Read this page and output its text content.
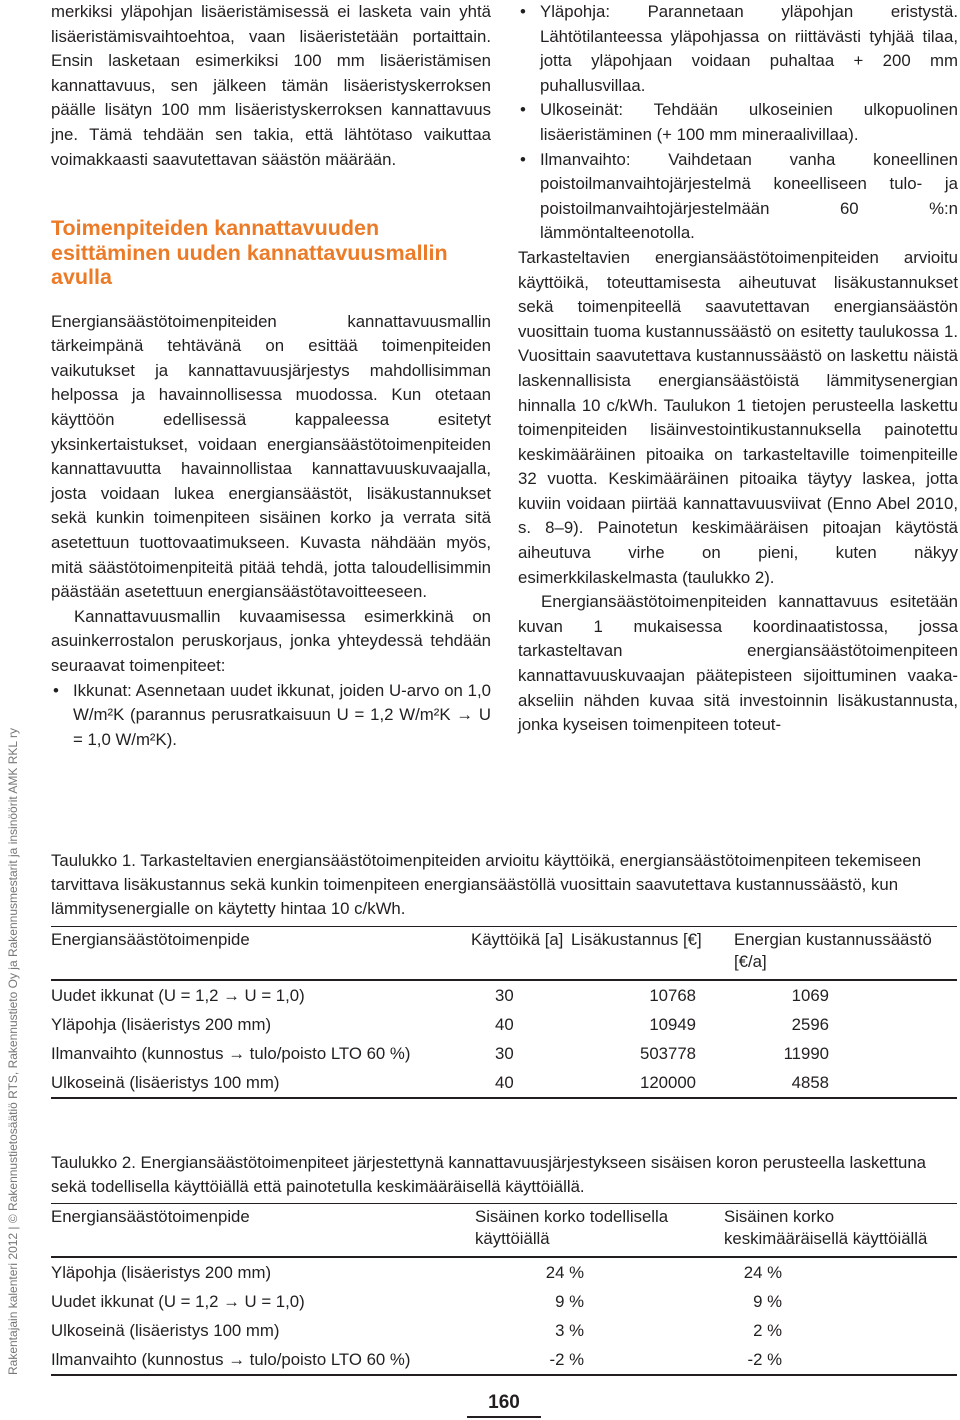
Rakentajain kalenteri 2012 | © Rakennustietosäätiö RTS, Rakennustieto Oy ja Rakennusmestarit ja insinöörit AMK RKL ry

merkiksi yläpohjan lisäeristämisessä ei lasketa vain yhtä lisäeristämisvaihtoehtoa, vaan lisäeristetään portaittain. Ensin lasketaan esimerkiksi 100 mm lisäeristämisen kannattavuus, sen jälkeen tämän lisäeristyskerroksen päälle lisätyn 100 mm lisäeristyskerroksen kannattavuus jne. Tämä tehdään sen takia, että lähtötaso vaikuttaa voimakkaasti saavutettavan säästön määrään.

Toimenpiteiden kannattavuuden esittäminen uuden kannattavuusmallin avulla

Energiansäästötoimenpiteiden kannattavuusmallin tärkeimpänä tehtävänä on esittää toimenpiteiden vaikutukset ja kannattavuusjärjestys mahdollisimman helpossa ja havainnollisessa muodossa. Kun otetaan käyttöön edellisessä kappaleessa esitetyt yksinkertaistukset, voidaan energiansäästötoimenpiteiden kannattavuutta havainnollistaa kannattavuuskuvaajalla, josta voidaan lukea energiansäästöt, lisäkustannukset sekä kunkin toimenpiteen sisäinen korko ja verrata sitä asetettuun tuottovaatimukseen. Kuvasta nähdään myös, mitä säästötoimenpiteitä pitää tehdä, jotta taloudellisimmin päästään asetettuun energiansäästötavoitteeseen.

Kannattavuusmallin kuvaamisessa esimerkkinä on asuinkerrostalon peruskorjaus, jonka yhteydessä tehdään seuraavat toimenpiteet:

• Ikkunat: Asennetaan uudet ikkunat, joiden U-arvo on 1,0 W/m²K (parannus perusratkaisuun U = 1,2 W/m²K → U = 1,0 W/m²K).
• Yläpohja: Parannetaan yläpohjan eristystä. Lähtötilanteessa yläpohjassa on riittävästi tyhjää tilaa, jotta yläpohjaan voidaan puhaltaa + 200 mm puhallusvillaa.
• Ulkoseinät: Tehdään ulkoseinien ulkopuolinen lisäeristäminen (+ 100 mm mineraalivillaa).
• Ilmanvaihto: Vaihdetaan vanha koneellinen poistoilmanvaihtojärjestelmä koneelliseen tulo- ja poistoilmanvaihtojärjestelmään 60 %:n lämmöntalteenotolla.

Tarkasteltavien energiansäästötoimenpiteiden arvioitu käyttöikä, toteuttamisesta aiheutuvat lisäkustannukset sekä toimenpiteellä saavutettavan energiansäästön vuosittain tuoma kustannussäästö on esitetty taulukossa 1. Vuosittain saavutettava kustannussäästö on laskettu näistä laskennallisista energiansäästöistä lämmitysenergian hinnalla 10 c/kWh. Taulukon 1 tietojen perusteella laskettu toimenpiteiden lisäinvestointikustannuksella painotettu keskimääräinen pitoaika on tarkasteltaville toimenpiteille 32 vuotta. Keskimääräinen pitoaika täytyy laskea, jotta kuviin voidaan piirtää kannattavuusviivat (Enno Abel 2010, s. 8–9). Painotetun keskimääräisen pitoajan käytöstä aiheutuva virhe on pieni, kuten näkyy esimerkkilaskelmasta (taulukko 2).

Energiansäästötoimenpiteiden kannattavuus esitetään kuvan 1 mukaisessa koordinaatistossa, jossa tarkasteltavan energiansäästötoimenpiteen kannattavuuskuvaajan päätepisteen sijoittuminen vaaka-akseliin nähden kuvaa sitä investoinnin lisäkustannusta, jonka kyseisen toimenpiteen toteut-

Taulukko 1. Tarkasteltavien energiansäästötoimenpiteiden arvioitu käyttöikä, energiansäästötoimenpiteen tekemiseen tarvittava lisäkustannus sekä kunkin toimenpiteen energiansäästöllä vuosittain saavutettava kustannussäästö, kun lämmitysenergialle on käytetty hintaa 10 c/kWh.
Energiansäästötoimenpide	Käyttöikä [a]	Lisäkustannus [€]	Energian kustannussäästö [€/a]
Uudet ikkunat (U = 1,2 → U = 1,0)	30	10768	1069
Yläpohja (lisäeristys 200 mm)	40	10949	2596
Ilmanvaihto (kunnostus → tulo/poisto LTO 60 %)	30	503778	11990
Ulkoseinä (lisäeristys 100 mm)	40	120000	4858
Taulukko 2. Energiansäästötoimenpiteet järjestettynä kannattavuusjärjestykseen sisäisen koron perusteella laskettuna sekä todellisella käyttöiällä että painotetulla keskimääräisellä käyttöiällä.
Energiansäästötoimenpide	Sisäinen korko todellisella käyttöiällä	Sisäinen korko keskimääräisellä käyttöiällä
Yläpohja (lisäeristys 200 mm)	24 %	24 %
Uudet ikkunat (U = 1,2 → U = 1,0)	9 %	9 %
Ulkoseinä (lisäeristys 100 mm)	3 %	2 %
Ilmanvaihto (kunnostus → tulo/poisto LTO 60 %)	-2 %	-2 %
160
